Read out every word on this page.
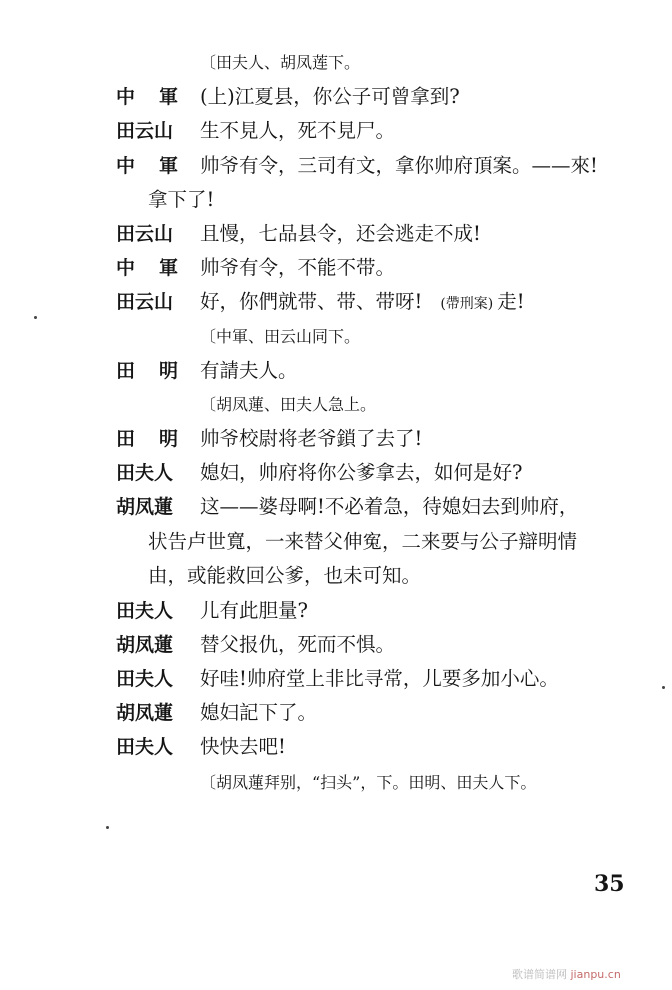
〔田夫人、胡凤莲下。
中 軍 (上)江夏县，你公子可曾拿到?
田云山 生不見人，死不見尸。
中 軍 帅爷有令，三司有文，拿你帅府頂案。——來!
拿下了!
田云山 且慢，七品县令，还会逃走不成!
中 軍 帅爷有令，不能不带。
田云山 好，你們就带、带、带呀! (帶刑案) 走!
〔中軍、田云山同下。
田 明 有請夫人。
〔胡凤蓮、田夫人急上。
田 明 帅爷校尉将老爷鎖了去了!
田夫人 媳妇，帅府将你公爹拿去，如何是好?
胡凤蓮 这——婆母啊!不必着急，待媳妇去到帅府，
状告卢世寬，一来替父伸寃，二来要与公子辯明情
由，或能救回公爹，也未可知。
田夫人 儿有此胆量?
胡凤蓮 替父报仇，死而不惧。
田夫人 好哇!帅府堂上非比寻常，儿要多加小心。
胡凤蓮 媳妇記下了。
田夫人 快快去吧!
〔胡凤蓮拜别，“扫头”，下。田明、田夫人下。
35
歌谱简谱网 jianpu.cn
